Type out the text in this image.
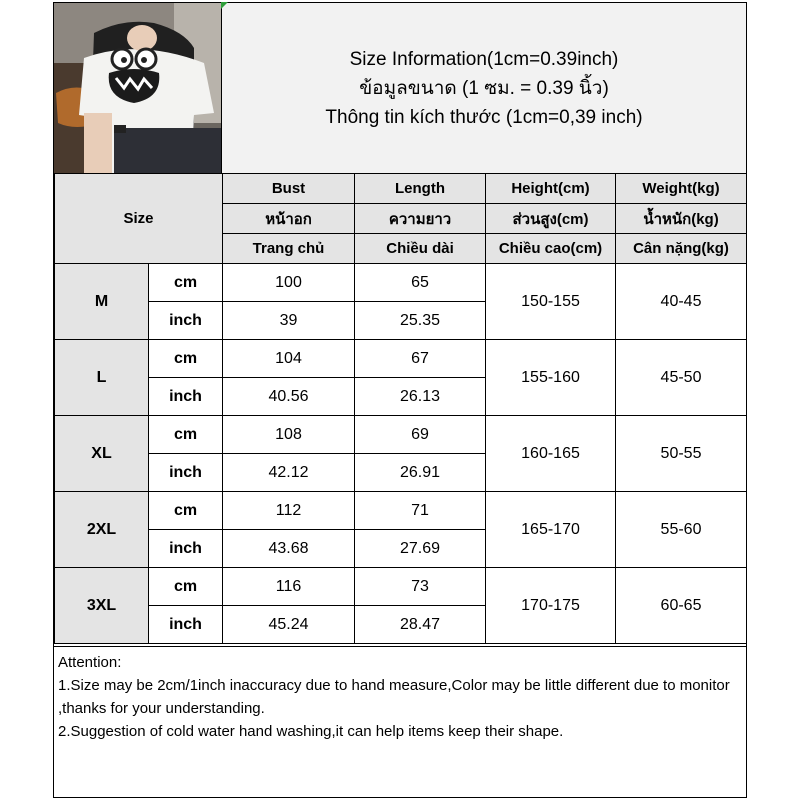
Size Information(1cm=0.39inch)
ข้อมูลขนาด (1 ซม. = 0.39 นิ้ว)
Thông tin kích thước (1cm=0,39 inch)
Size		Bust	Length	Height(cm)	Weight(kg)
		หน้าอก	ความยาว	ส่วนสูง(cm)	น้ำหนัก(kg)
		Trang chủ	Chiều dài	Chiều cao(cm)	Cân nặng(kg)
M	cm	100	65	150-155	40-45
	inch	39	25.35		
L	cm	104	67	155-160	45-50
	inch	40.56	26.13		
XL	cm	108	69	160-165	50-55
	inch	42.12	26.91		
2XL	cm	112	71	165-170	55-60
	inch	43.68	27.69		
3XL	cm	116	73	170-175	60-65
	inch	45.24	28.47		
Attention:
1.Size may be 2cm/1inch inaccuracy due to hand measure,Color may be little different due to monitor ,thanks for your understanding.
2.Suggestion of cold water hand washing,it can help items keep their shape.
